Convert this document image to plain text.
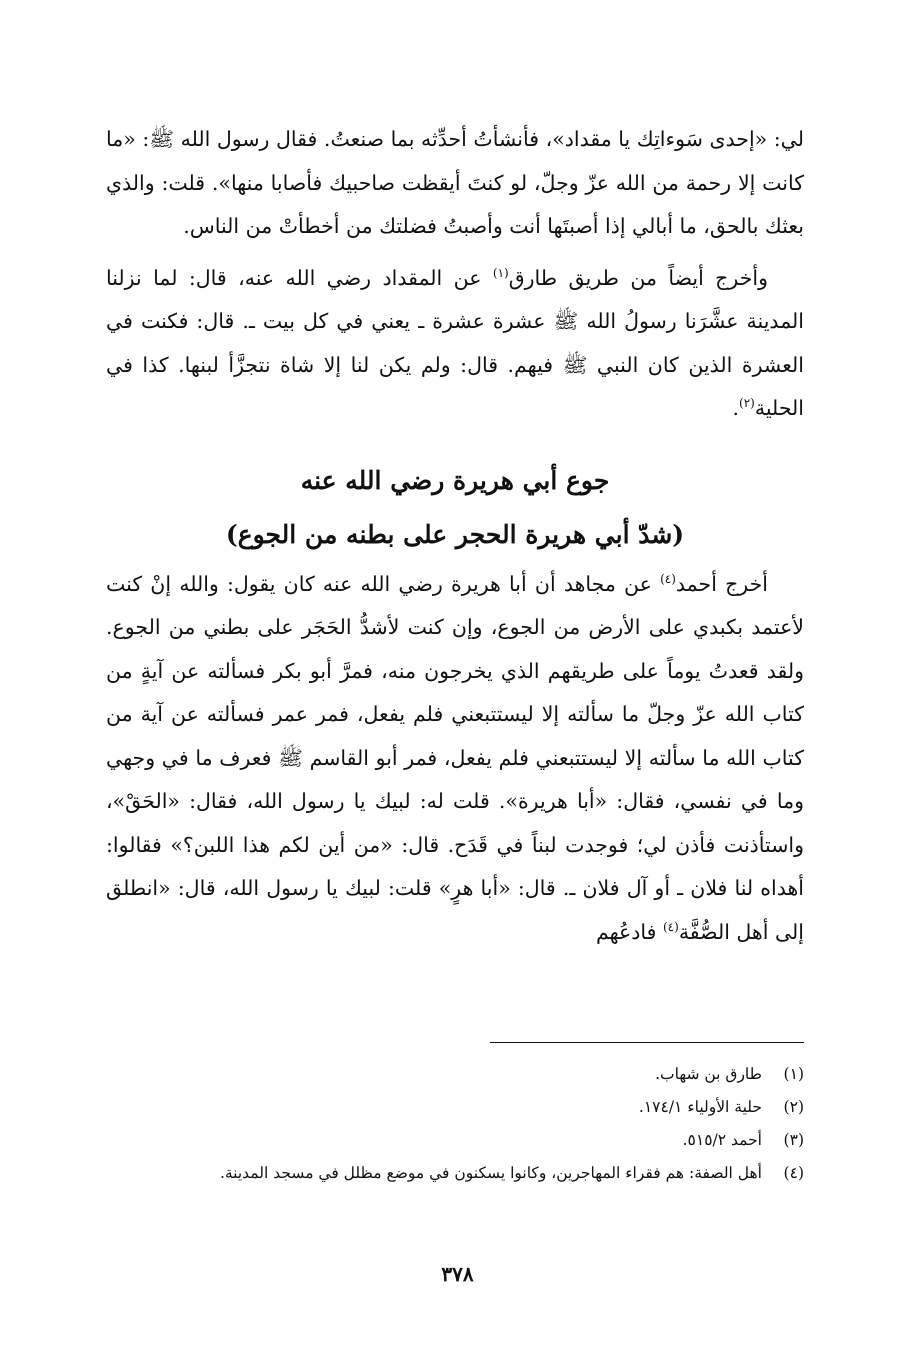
لي: «إحدى سَوءاتِك يا مقداد»، فأنشأتُ أحدِّثه بما صنعتُ. فقال رسول الله ﷺ: «ما كانت إلا رحمة من الله عزّ وجلّ، لو كنتَ أيقظت صاحبيك فأصابا منها». قلت: والذي بعثك بالحق، ما أبالي إذا أصبتَها أنت وأصبتُ فضلتك من أخطأتْ من الناس.

وأخرج أيضاً من طريق طارق$^{(١)}$ عن المقداد رضي الله عنه، قال: لما نزلنا المدينة عشَّرَنا رسولُ الله ﷺ عشرة عشرة ـ يعني في كل بيت ـ. قال: فكنت في العشرة الذين كان النبي ﷺ فيهم. قال: ولم يكن لنا إلا شاة نتجزَّأ لبنها. كذا في الحلية$^{(٢)}$.

جوع أبي هريرة رضي الله عنه
(شدّ أبي هريرة الحجر على بطنه من الجوع)

أخرج أحمد$^{(٤)}$ عن مجاهد أن أبا هريرة رضي الله عنه كان يقول: والله إنْ كنت لأعتمد بكبدي على الأرض من الجوع، وإن كنت لأشدُّ الحَجَر على بطني من الجوع. ولقد قعدتُ يوماً على طريقهم الذي يخرجون منه، فمرَّ أبو بكر فسألته عن آيةٍ من كتاب الله عزّ وجلّ ما سألته إلا ليستتبعني فلم يفعل، فمر عمر فسألته عن آية من كتاب الله ما سألته إلا ليستتبعني فلم يفعل، فمر أبو القاسم ﷺ فعرف ما في وجهي وما في نفسي، فقال: «أبا هريرة». قلت له: لبيك يا رسول الله، فقال: «الحَقْ»، واستأذنت فأذن لي؛ فوجدت لبناً في قَدَح. قال: «من أين لكم هذا اللبن؟» فقالوا: أهداه لنا فلان ـ أو آل فلان ـ. قال: «أبا هرٍ» قلت: لبيك يا رسول الله، قال: «انطلق إلى أهل الصُّفَّة$^{(٤)}$ فادعُهم

(١)
طارق بن شهاب.
(٢)
حلية الأولياء ١٧٤/١.
(٣)
أحمد ٥١٥/٢.
(٤)
أهل الصفة: هم فقراء المهاجرين، وكانوا يسكنون في موضع مظلل في مسجد المدينة.
٣٧٨
